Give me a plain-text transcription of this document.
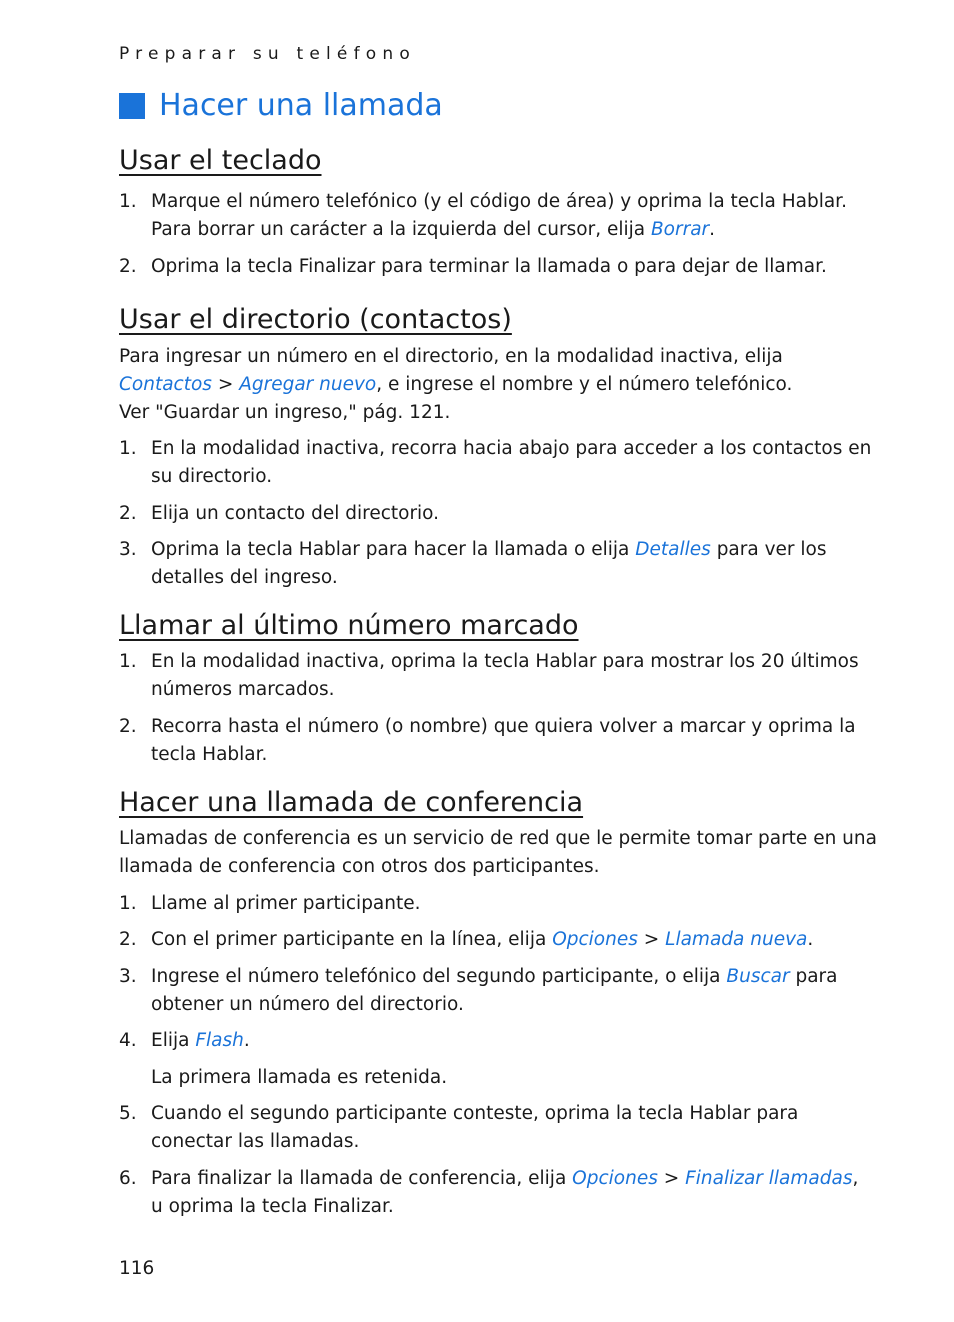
Preparar su teléfono
Hacer una llamada
Usar el teclado
1. Marque el número telefónico (y el código de área) y oprima la tecla Hablar.
Para borrar un carácter a la izquierda del cursor, elija Borrar.
2. Oprima la tecla Finalizar para terminar la llamada o para dejar de llamar.
Usar el directorio (contactos)
Para ingresar un número en el directorio, en la modalidad inactiva, elija
Contactos > Agregar nuevo, e ingrese el nombre y el número telefónico.
Ver "Guardar un ingreso," pág. 121.
1. En la modalidad inactiva, recorra hacia abajo para acceder a los contactos en
su directorio.
2. Elija un contacto del directorio.
3. Oprima la tecla Hablar para hacer la llamada o elija Detalles para ver los
detalles del ingreso.
Llamar al último número marcado
1. En la modalidad inactiva, oprima la tecla Hablar para mostrar los 20 últimos
números marcados.
2. Recorra hasta el número (o nombre) que quiera volver a marcar y oprima la
tecla Hablar.
Hacer una llamada de conferencia
Llamadas de conferencia es un servicio de red que le permite tomar parte en una
llamada de conferencia con otros dos participantes.
1. Llame al primer participante.
2. Con el primer participante en la línea, elija Opciones > Llamada nueva.
3. Ingrese el número telefónico del segundo participante, o elija Buscar para
obtener un número del directorio.
4. Elija Flash.
La primera llamada es retenida.
5. Cuando el segundo participante conteste, oprima la tecla Hablar para
conectar las llamadas.
6. Para finalizar la llamada de conferencia, elija Opciones > Finalizar llamadas,
u oprima la tecla Finalizar.
116
